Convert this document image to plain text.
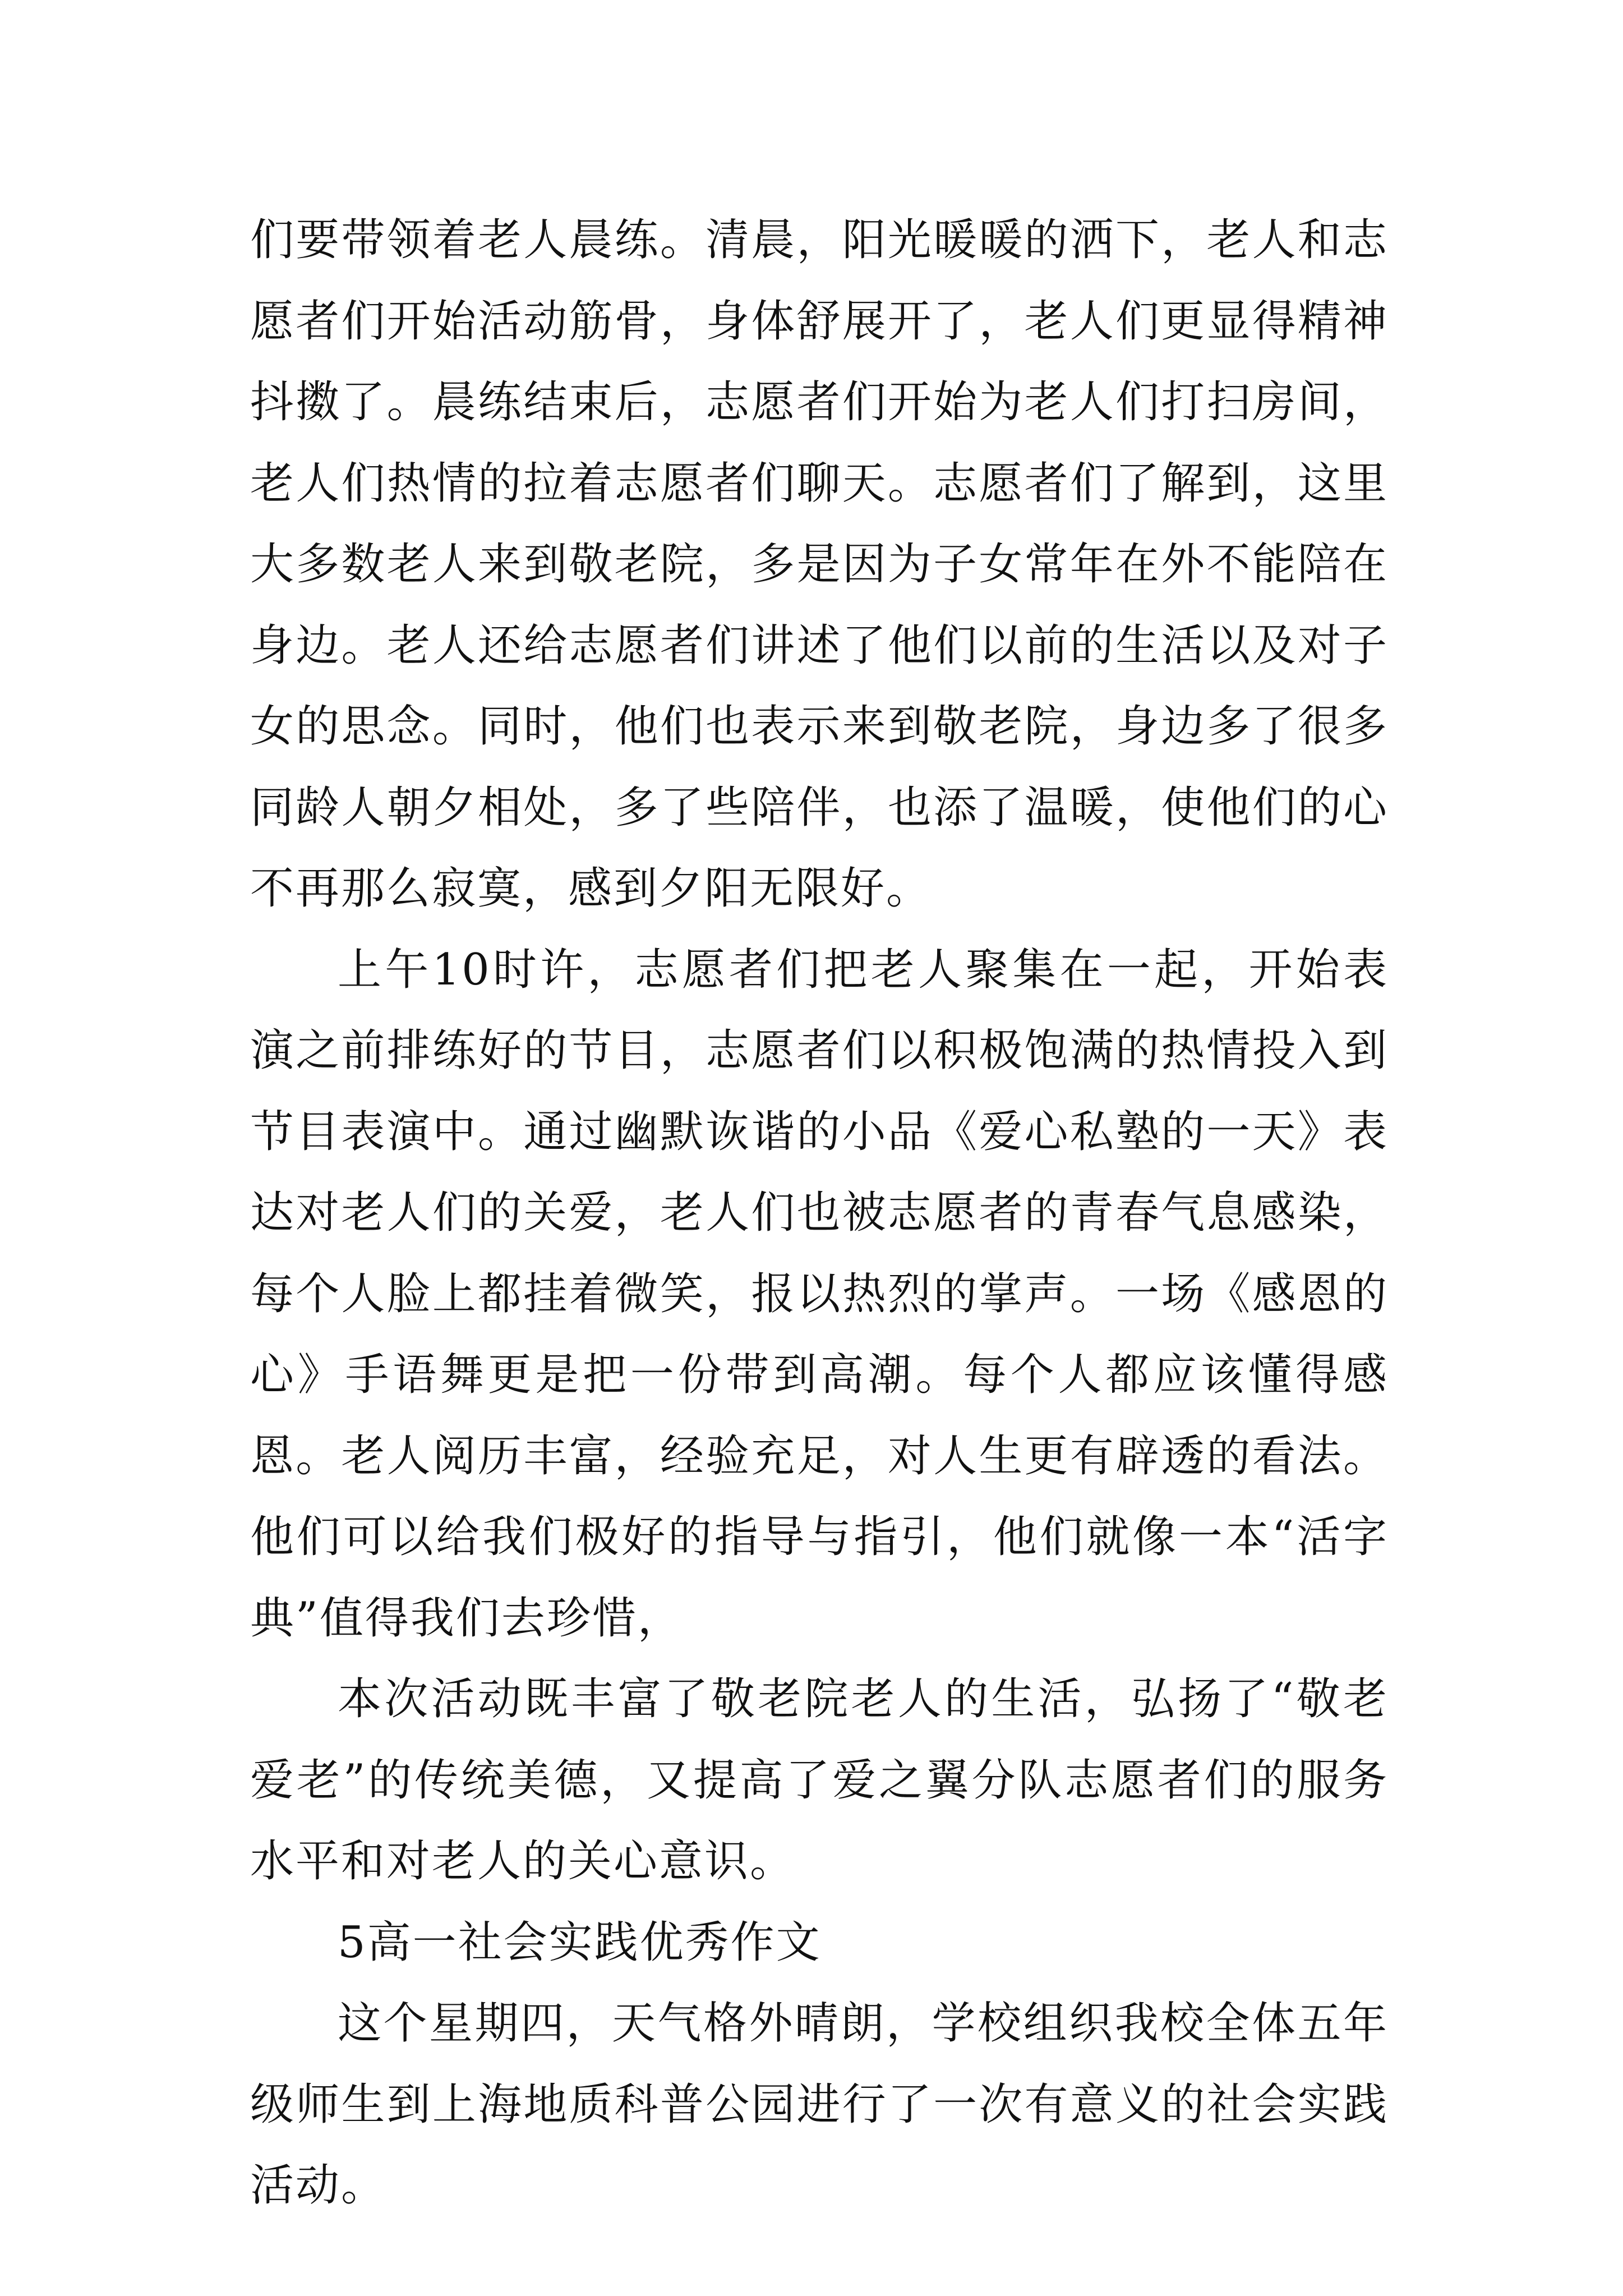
们要带领着老人晨练。清晨，阳光暖暖的洒下，老人和志愿者们开始活动筋骨，身体舒展开了，老人们更显得精神抖擞了。晨练结束后，志愿者们开始为老人们打扫房间，老人们热情的拉着志愿者们聊天。志愿者们了解到，这里大多数老人来到敬老院，多是因为子女常年在外不能陪在身边。老人还给志愿者们讲述了他们以前的生活以及对子女的思念。同时，他们也表示来到敬老院，身边多了很多同龄人朝夕相处，多了些陪伴，也添了温暖，使他们的心不再那么寂寞，感到夕阳无限好。

上午10时许，志愿者们把老人聚集在一起，开始表演之前排练好的节目，志愿者们以积极饱满的热情投入到节目表演中。通过幽默诙谐的小品《爱心私塾的一天》表达对老人们的关爱，老人们也被志愿者的青春气息感染，每个人脸上都挂着微笑，报以热烈的掌声。一场《感恩的心》手语舞更是把一份带到高潮。每个人都应该懂得感恩。老人阅历丰富，经验充足，对人生更有辟透的看法。他们可以给我们极好的指导与指引，他们就像一本“活字典”值得我们去珍惜，

本次活动既丰富了敬老院老人的生活，弘扬了“敬老爱老”的传统美德，又提高了爱之翼分队志愿者们的服务水平和对老人的关心意识。

5高一社会实践优秀作文

这个星期四，天气格外晴朗，学校组织我校全体五年级师生到上海地质科普公园进行了一次有意义的社会实践活动。
